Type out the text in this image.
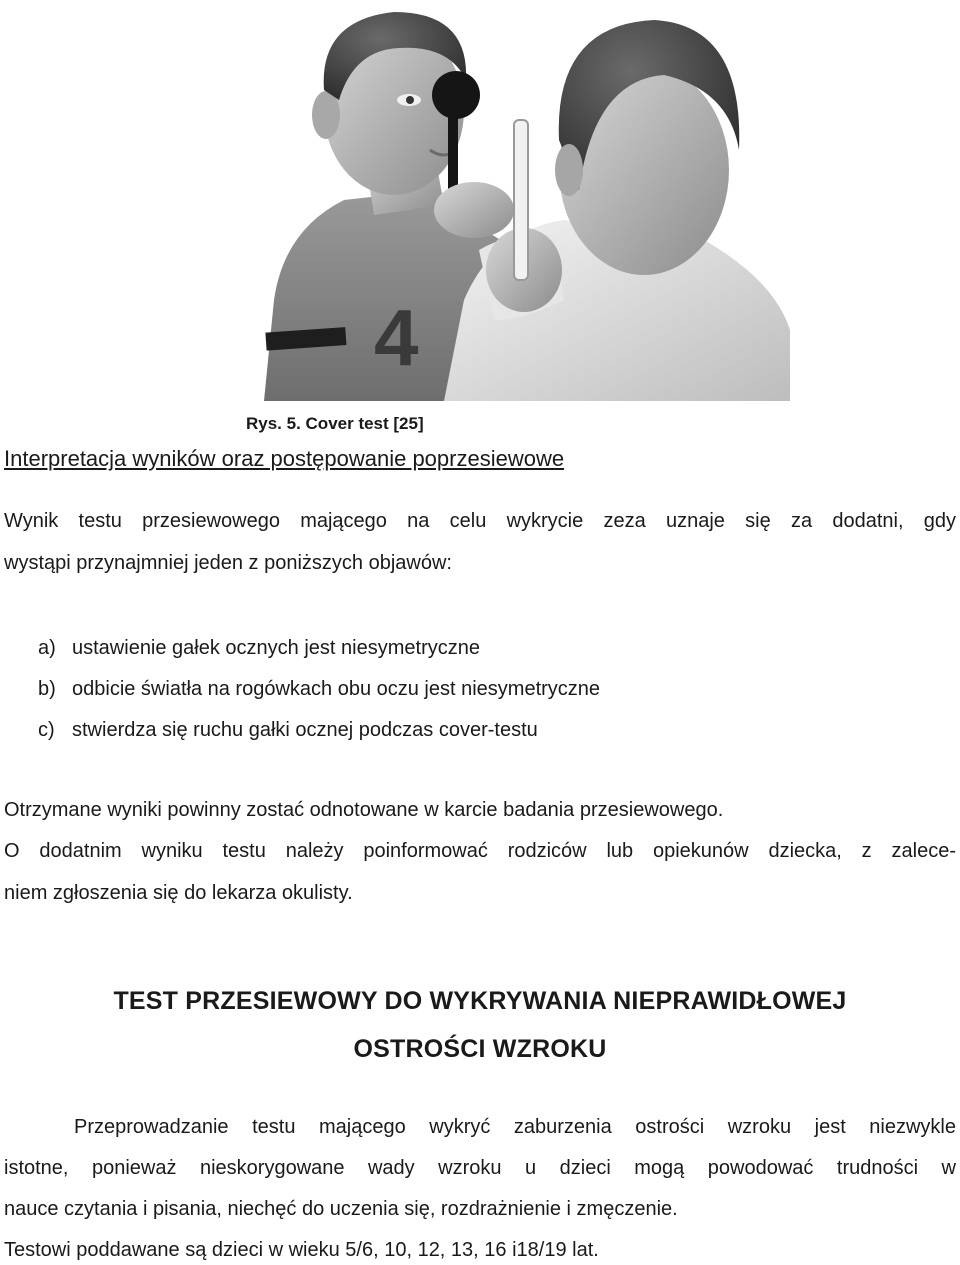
4
Rys. 5. Cover test [25]
Interpretacja wyników oraz postępowanie poprzesiewowe
Wynik testu przesiewowego mającego na celu wykrycie zeza uznaje się za dodatni, gdy
wystąpi przynajmniej jeden z poniższych objawów:
a) ustawienie gałek ocznych jest niesymetryczne
b) odbicie światła na rogówkach obu oczu jest niesymetryczne
c) stwierdza się ruchu gałki ocznej podczas cover-testu
Otrzymane wyniki powinny zostać odnotowane w karcie badania przesiewowego.
O dodatnim wyniku testu należy poinformować rodziców lub opiekunów dziecka, z zalece-
niem zgłoszenia się do lekarza okulisty.
TEST PRZESIEWOWY DO WYKRYWANIA NIEPRAWIDŁOWEJ
OSTROŚCI WZROKU
Przeprowadzanie testu mającego wykryć zaburzenia ostrości wzroku jest niezwykle
istotne, ponieważ nieskorygowane wady wzroku u dzieci mogą powodować trudności w
nauce czytania i pisania, niechęć do uczenia się, rozdrażnienie i zmęczenie.
Testowi poddawane są dzieci w wieku 5/6, 10, 12, 13, 16 i18/19 lat.
